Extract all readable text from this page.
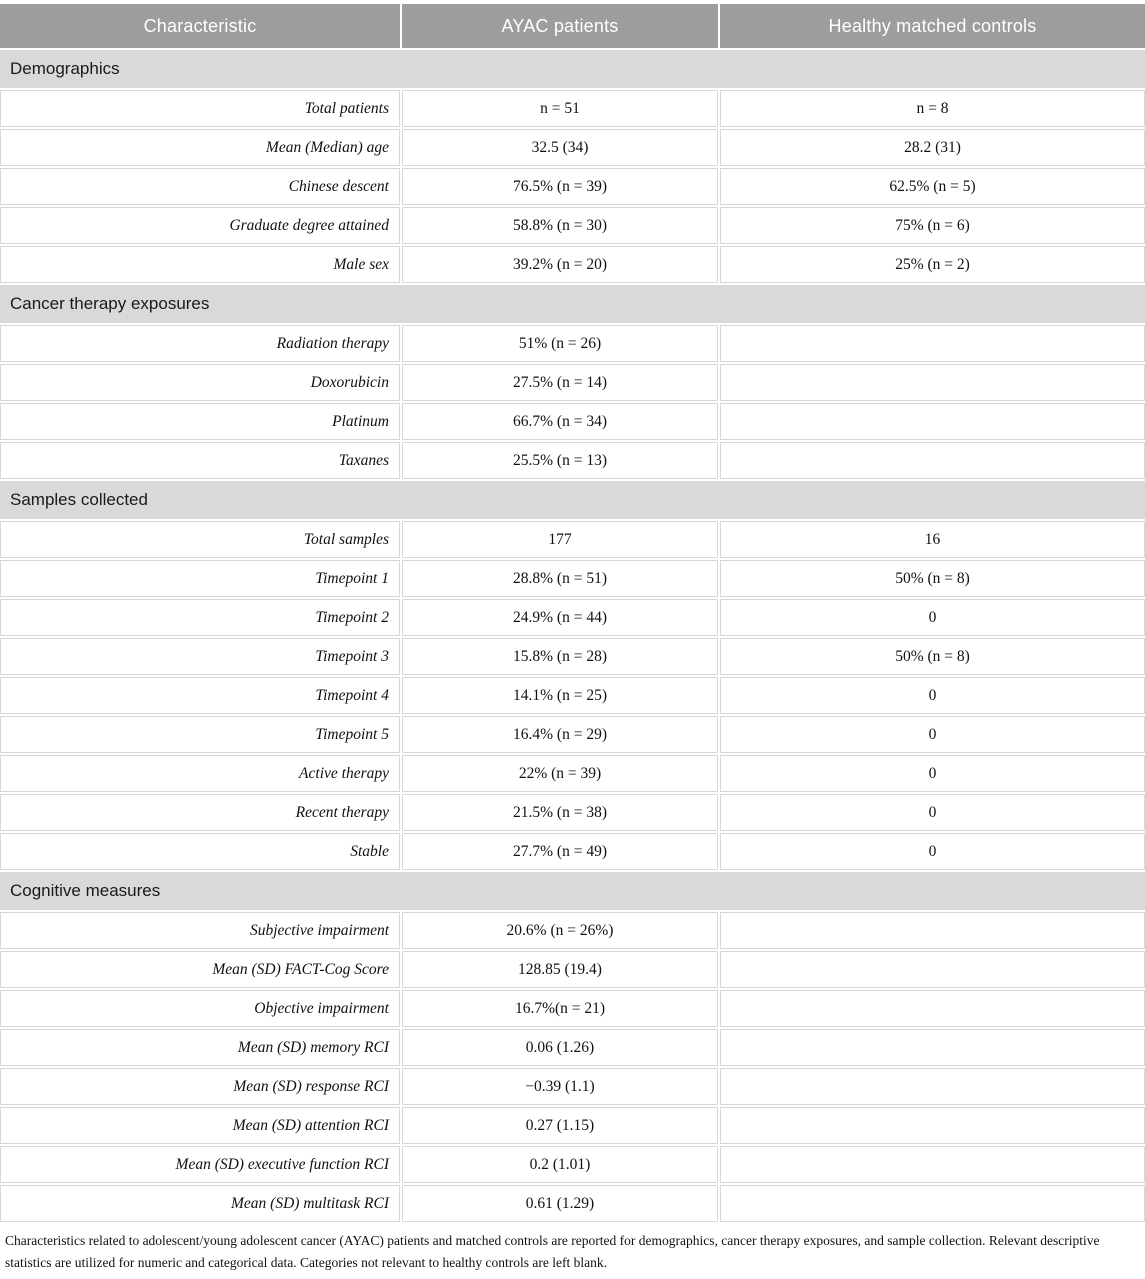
Characteristic	AYAC patients	Healthy matched controls
Demographics
Total patients	n = 51	n = 8
Mean (Median) age	32.5 (34)	28.2 (31)
Chinese descent	76.5% (n = 39)	62.5% (n = 5)
Graduate degree attained	58.8% (n = 30)	75% (n = 6)
Male sex	39.2% (n = 20)	25% (n = 2)
Cancer therapy exposures
Radiation therapy	51% (n = 26)
Doxorubicin	27.5% (n = 14)
Platinum	66.7% (n = 34)
Taxanes	25.5% (n = 13)
Samples collected
Total samples	177	16
Timepoint 1	28.8% (n = 51)	50% (n = 8)
Timepoint 2	24.9% (n = 44)	0
Timepoint 3	15.8% (n = 28)	50% (n = 8)
Timepoint 4	14.1% (n = 25)	0
Timepoint 5	16.4% (n = 29)	0
Active therapy	22% (n = 39)	0
Recent therapy	21.5% (n = 38)	0
Stable	27.7% (n = 49)	0
Cognitive measures
Subjective impairment	20.6% (n = 26%)
Mean (SD) FACT-Cog Score	128.85 (19.4)
Objective impairment	16.7%(n = 21)
Mean (SD) memory RCI	0.06 (1.26)
Mean (SD) response RCI	−0.39 (1.1)
Mean (SD) attention RCI	0.27 (1.15)
Mean (SD) executive function RCI	0.2 (1.01)
Mean (SD) multitask RCI	0.61 (1.29)
Characteristics related to adolescent/young adolescent cancer (AYAC) patients and matched controls are reported for demographics, cancer therapy exposures, and sample collection. Relevant descriptive statistics are utilized for numeric and categorical data. Categories not relevant to healthy controls are left blank.
